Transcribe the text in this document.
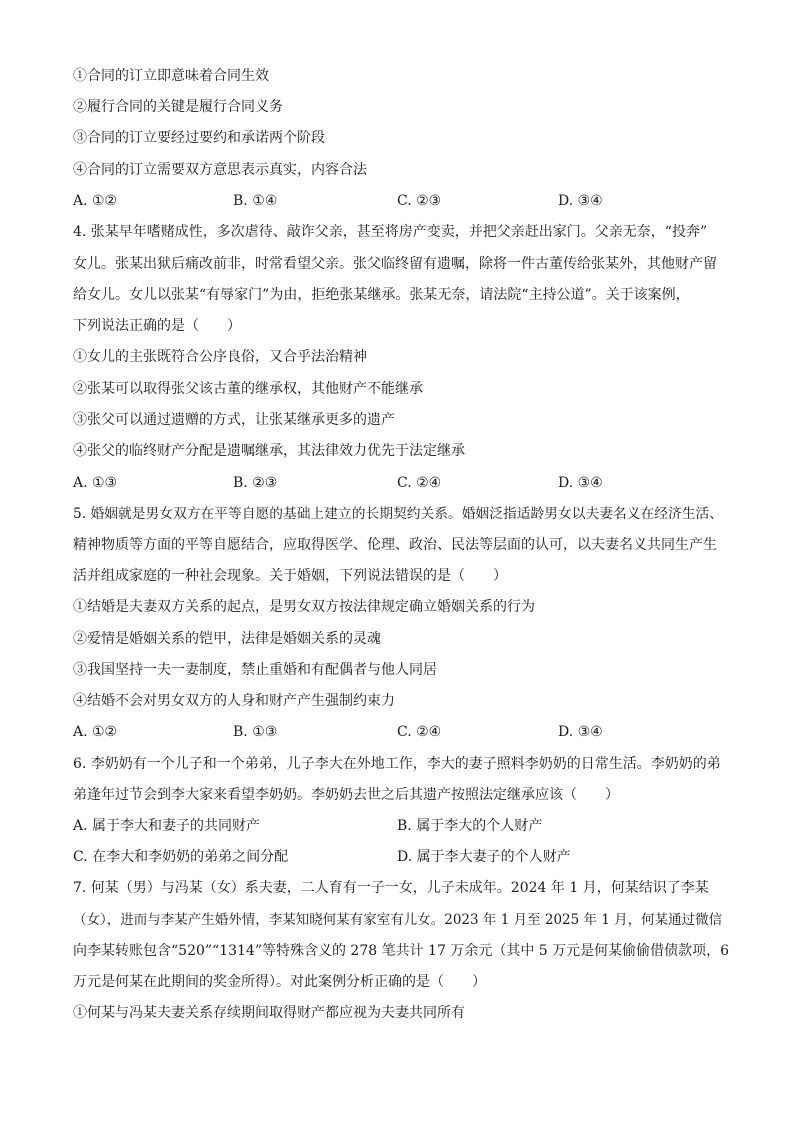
①合同的订立即意味着合同生效
②履行合同的关键是履行合同义务
③合同的订立要经过要约和承诺两个阶段
④合同的订立需要双方意思表示真实，内容合法
A. ①②	B. ①④	C. ②③	D. ③④
4. 张某早年嗜赌成性，多次虐待、敲诈父亲，甚至将房产变卖，并把父亲赶出家门。父亲无奈，“投奔”
女儿。张某出狱后痛改前非，时常看望父亲。张父临终留有遗嘱，除将一件古董传给张某外，其他财产留
给女儿。女儿以张某“有辱家门”为由，拒绝张某继承。张某无奈，请法院“主持公道”。关于该案例，
下列说法正确的是（　　）
①女儿的主张既符合公序良俗，又合乎法治精神
②张某可以取得张父该古董的继承权，其他财产不能继承
③张父可以通过遗赠的方式，让张某继承更多的遗产
④张父的临终财产分配是遗嘱继承，其法律效力优先于法定继承
A. ①③	B. ②③	C. ②④	D. ③④
5. 婚姻就是男女双方在平等自愿的基础上建立的长期契约关系。婚姻泛指适龄男女以夫妻名义在经济生活、
精神物质等方面的平等自愿结合，应取得医学、伦理、政治、民法等层面的认可，以夫妻名义共同生产生
活并组成家庭的一种社会现象。关于婚姻，下列说法错误的是（　　）
①结婚是夫妻双方关系的起点，是男女双方按法律规定确立婚姻关系的行为
②爱情是婚姻关系的铠甲，法律是婚姻关系的灵魂
③我国坚持一夫一妻制度，禁止重婚和有配偶者与他人同居
④结婚不会对男女双方的人身和财产产生强制约束力
A. ①②	B. ①③	C. ②④	D. ③④
6. 李奶奶有一个儿子和一个弟弟，儿子李大在外地工作，李大的妻子照料李奶奶的日常生活。李奶奶的弟
弟逢年过节会到李大家来看望李奶奶。李奶奶去世之后其遗产按照法定继承应该（　　）
A. 属于李大和妻子的共同财产	B. 属于李大的个人财产
C. 在李大和李奶奶的弟弟之间分配	D. 属于李大妻子的个人财产
7. 何某（男）与冯某（女）系夫妻，二人育有一子一女，儿子未成年。2024 年 1 月，何某结识了李某
（女），进而与李某产生婚外情，李某知晓何某有家室有儿女。2023 年 1 月至 2025 年 1 月，何某通过微信
向李某转账包含“520”“1314”等特殊含义的 278 笔共计 17 万余元（其中 5 万元是何某偷偷借债款项，6
万元是何某在此期间的奖金所得）。对此案例分析正确的是（　　）
①何某与冯某夫妻关系存续期间取得财产都应视为夫妻共同所有
